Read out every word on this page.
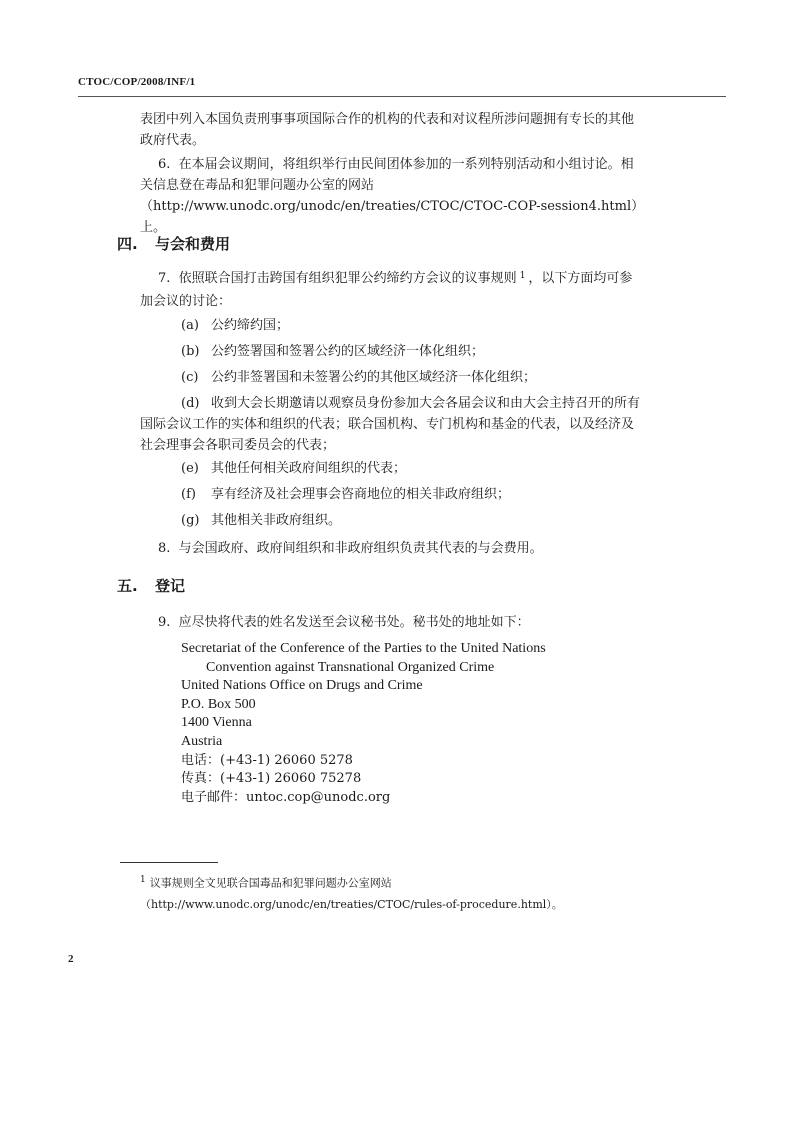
CTOC/COP/2008/INF/1
表团中列入本国负责刑事事项国际合作的机构的代表和对议程所涉问题拥有专长的其他政府代表。
6. 在本届会议期间，将组织举行由民间团体参加的一系列特别活动和小组讨论。相关信息登在毒品和犯罪问题办公室的网站（http://www.unodc.org/unodc/en/treaties/CTOC/CTOC-COP-session4.html）上。
四. 与会和费用
7. 依照联合国打击跨国有组织犯罪公约缔约方会议的议事规则 $^1$ ，以下方面均可参加会议的讨论：
(a) 公约缔约国；
(b) 公约签署国和签署公约的区域经济一体化组织；
(c) 公约非签署国和未签署公约的其他区域经济一体化组织；
(d) 收到大会长期邀请以观察员身份参加大会各届会议和由大会主持召开的所有国际会议工作的实体和组织的代表；联合国机构、专门机构和基金的代表，以及经济及社会理事会各职司委员会的代表；
(e) 其他任何相关政府间组织的代表；
(f) 享有经济及社会理事会咨商地位的相关非政府组织；
(g) 其他相关非政府组织。
8. 与会国政府、政府间组织和非政府组织负责其代表的与会费用。
五. 登记
9. 应尽快将代表的姓名发送至会议秘书处。秘书处的地址如下：
Secretariat of the Conference of the Parties to the United Nations
Convention against Transnational Organized Crime
United Nations Office on Drugs and Crime
P.O. Box 500
1400 Vienna
Austria
电话：(+43-1) 26060 5278
传真：(+43-1) 26060 75278
电子邮件：untoc.cop@unodc.org
$^1$ 议事规则全文见联合国毒品和犯罪问题办公室网站（http://www.unodc.org/unodc/en/treaties/CTOC/rules-of-procedure.html）。
2
